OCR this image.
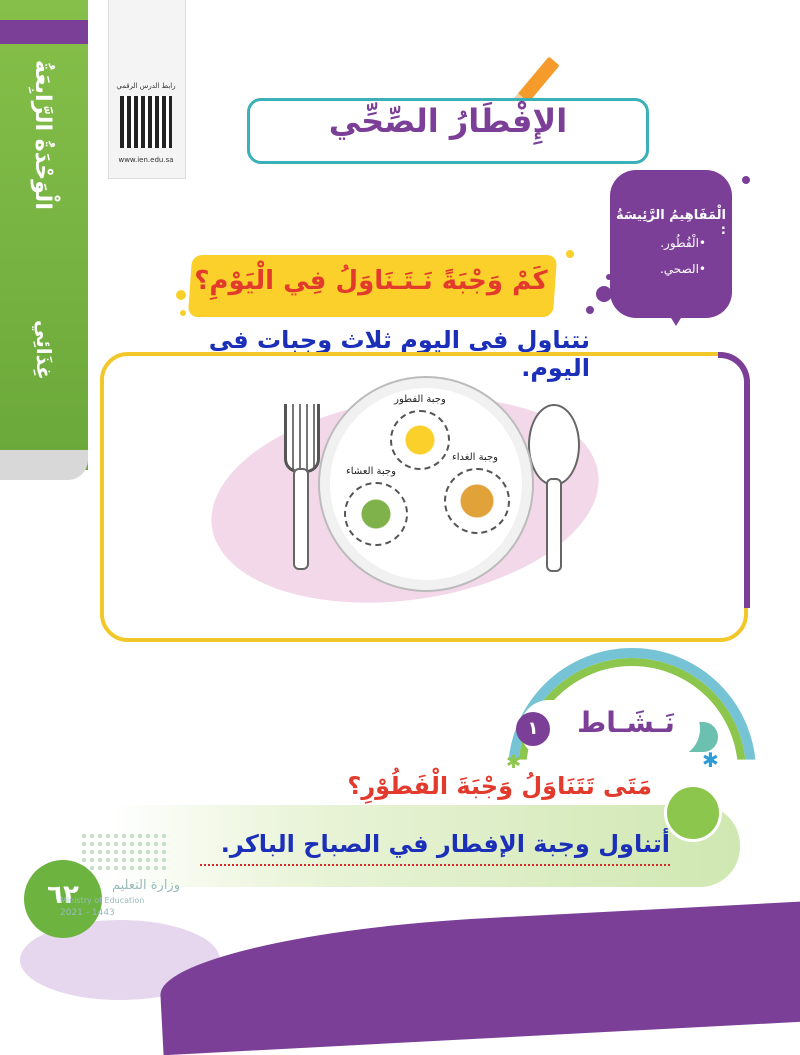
الْوَحْدَةُ الرَّابِعَةُ
غِذَائِي
رابط الدرس الرقمي
www.ien.edu.sa
الإِفْطَارُ الصِّحِّي
الْمَفَاهِيمُ الرَّئِيسَةُ :
•الْفُطُور.
•الصحي.
كَمْ وَجْبَةً نَـتَـنَاوَلُ فِي الْيَوْمِ؟
نتناول في اليوم ثلاث وجبات في اليوم.
وجبة الفطور
وجبة الغداء
وجبة العشاء
✱
✱
نَـشَـاط
١
مَتَى تَتَنَاوَلُ وَجْبَةَ الْفَطُوْرِ؟
أتناول وجبة الإفطار في الصباح الباكر.
٦٢	وزارة التعليم
Ministry of Education
2021 - 1443
